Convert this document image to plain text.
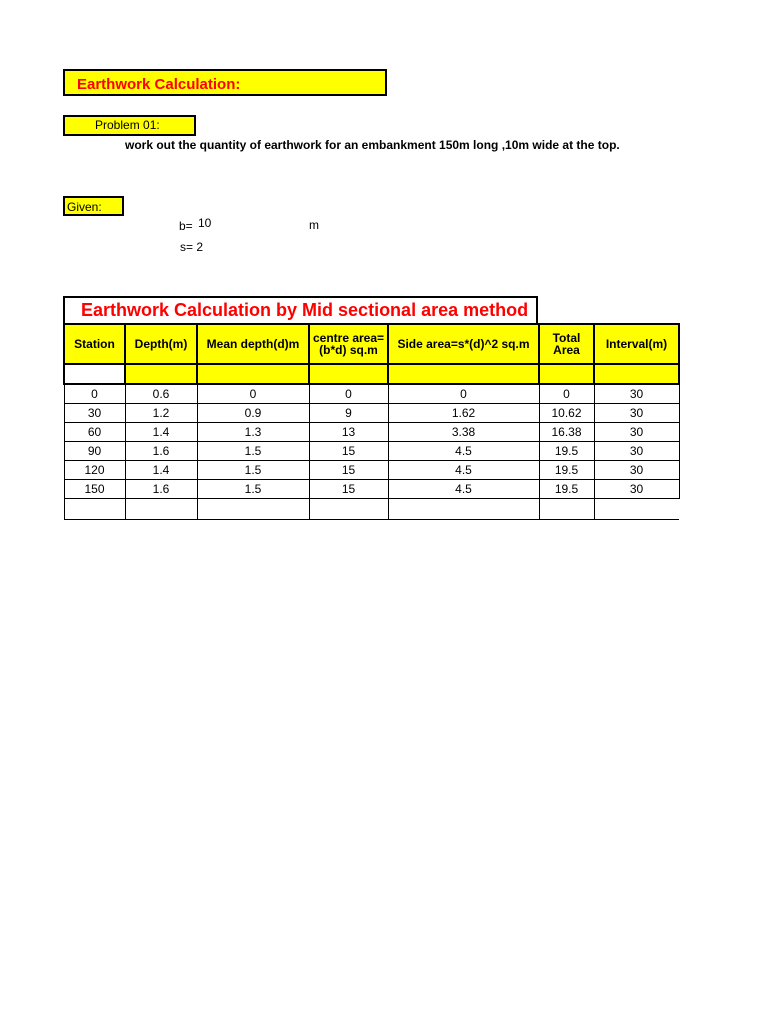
Earthwork Calculation:
Problem 01:
work out the quantity of earthwork for an embankment 150m long ,10m wide at the top.
Given:
b= 10	m
s= 2
Earthwork Calculation by Mid sectional area method
Station	Depth(m)	Mean depth(d)m	centre area=(b*d) sq.m	Side area=s*(d)^2 sq.m	Total Area	Interval(m)

0	0.6	0	0	0	0	30
30	1.2	0.9	9	1.62	10.62	30
60	1.4	1.3	13	3.38	16.38	30
90	1.6	1.5	15	4.5	19.5	30
120	1.4	1.5	15	4.5	19.5	30
150	1.6	1.5	15	4.5	19.5	30
